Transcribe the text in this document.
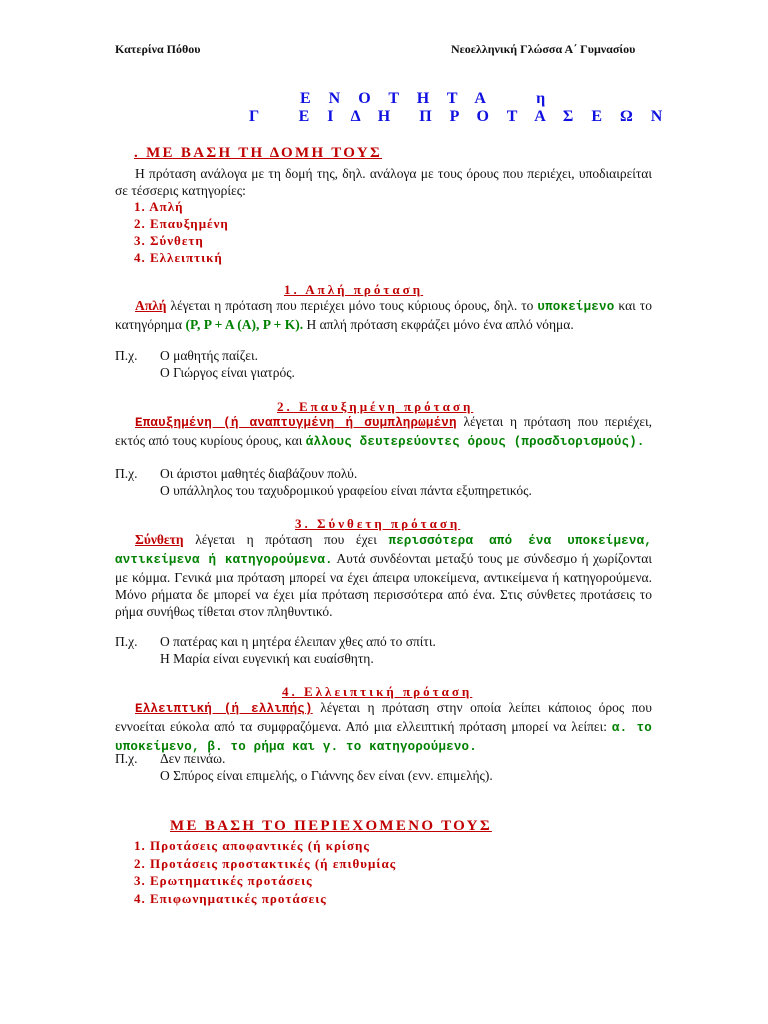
Κατερίνα Πόθου	Νεοελληνική Γλώσσα Α΄ Γυμνασίου
Ε Ν Ο Τ Η Τ Α    η
Γ   Ε Ι Δ Η  Π Ρ Ο Τ Α Σ Ε Ω Ν
. ΜΕ ΒΑΣΗ ΤΗ ΔΟΜΗ ΤΟΥΣ
Η πρόταση ανάλογα με τη δομή της, δηλ. ανάλογα με τους όρους που περιέχει, υποδιαιρείται σε τέσσερις κατηγορίες:
1. Απλή
2. Επαυξημένη
3. Σύνθετη
4. Ελλειπτική
1. Απλή πρόταση

Απλή λέγεται η πρόταση που περιέχει μόνο τους κύριους όρους, δηλ. το υποκείμενο και το κατηγόρημα (Ρ, Ρ + Α (Α), Ρ + Κ). Η απλή πρόταση εκφράζει μόνο ένα απλό νόημα.

Π.χ. Ο μαθητής παίζει.
Ο Γιώργος είναι γιατρός.
2. Επαυξημένη πρόταση

Επαυξημένη (ή αναπτυγμένη ή συμπληρωμένη λέγεται η πρόταση που περιέχει, εκτός από τους κυρίους όρους, και άλλους δευτερεύοντες όρους (προσδιορισμούς).

Π.χ. Οι άριστοι μαθητές διαβάζουν πολύ.
Ο υπάλληλος του ταχυδρομικού γραφείου είναι πάντα εξυπηρετικός.
3. Σύνθετη πρόταση

Σύνθετη λέγεται η πρόταση που έχει περισσότερα από ένα υποκείμενα, αντικείμενα ή κατηγορούμενα. Αυτά συνδέονται μεταξύ τους με σύνδεσμο ή χωρίζονται με κόμμα. Γενικά μια πρόταση μπορεί να έχει άπειρα υποκείμενα, αντικείμενα ή κατηγορούμενα. Μόνο ρήματα δε μπορεί να έχει μία πρόταση περισσότερα από ένα. Στις σύνθετες προτάσεις το ρήμα συνήθως τίθεται στον πληθυντικό.

Π.χ. Ο πατέρας και η μητέρα έλειπαν χθες από το σπίτι.
Η Μαρία είναι ευγενική και ευαίσθητη.
4. Ελλειπτική πρόταση

Ελλειπτική (ή ελλιπής) λέγεται η πρόταση στην οποία λείπει κάποιος όρος που εννοείται εύκολα από τα συμφραζόμενα. Από μια ελλειπτική πρόταση μπορεί να λείπει: α. το υποκείμενο, β. το ρήμα και γ. το κατηγορούμενο.

Π.χ. Δεν πεινάω.
Ο Σπύρος είναι επιμελής, ο Γιάννης δεν είναι (ενν. επιμελής).
ΜΕ ΒΑΣΗ ΤΟ ΠΕΡΙΕΧΟΜΕΝΟ ΤΟΥΣ
1. Προτάσεις αποφαντικές (ή κρίσης
2. Προτάσεις προστακτικές (ή επιθυμίας
3. Ερωτηματικές προτάσεις
4. Επιφωνηματικές προτάσεις
